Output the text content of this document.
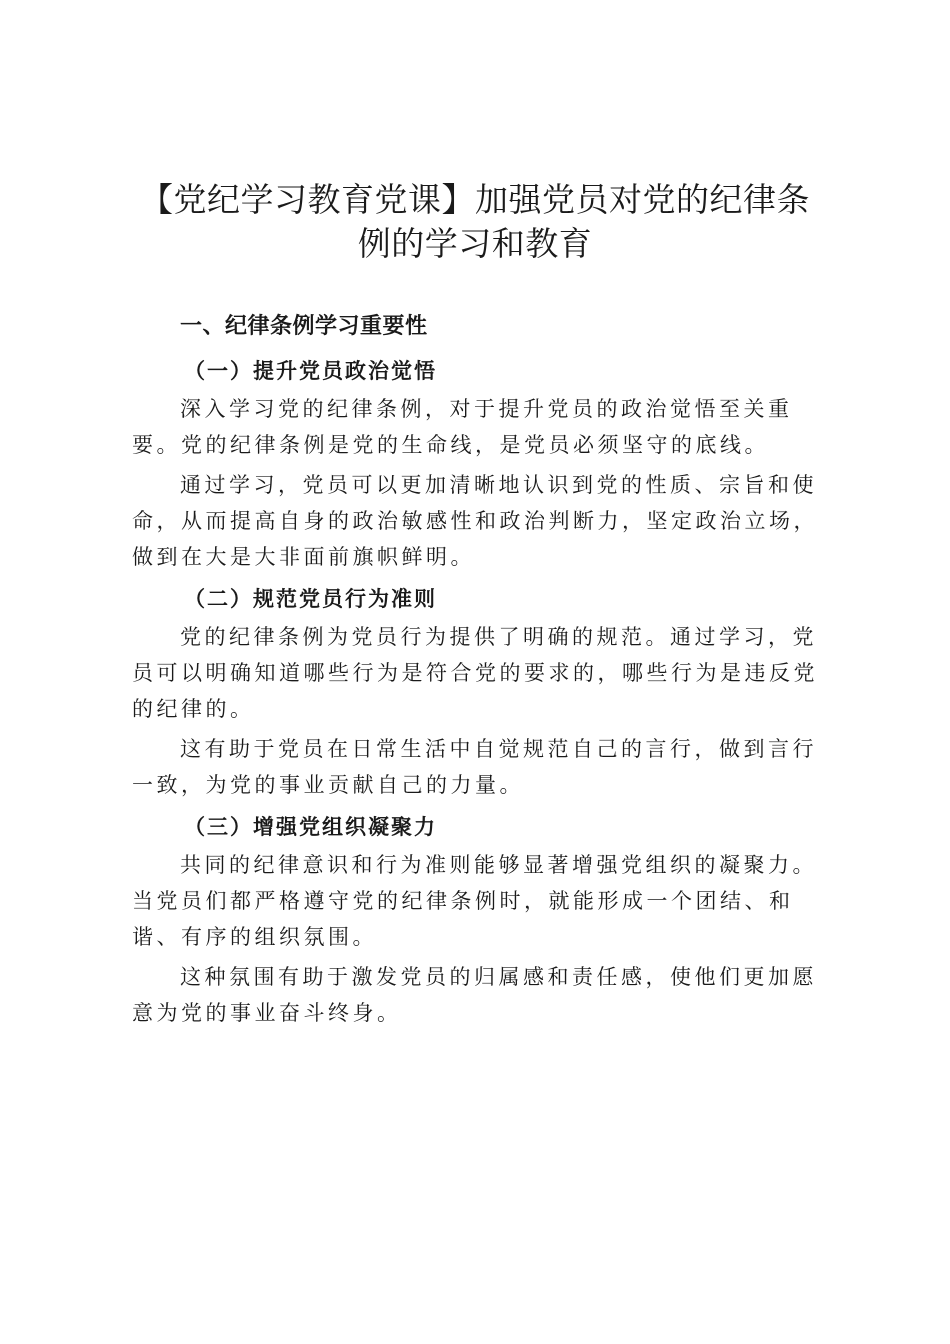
【党纪学习教育党课】加强党员对党的纪律条
例的学习和教育
一、纪律条例学习重要性
（一）提升党员政治觉悟

深入学习党的纪律条例，对于提升党员的政治觉悟至关重要。党的纪律条例是党的生命线，是党员必须坚守的底线。

通过学习，党员可以更加清晰地认识到党的性质、宗旨和使命，从而提高自身的政治敏感性和政治判断力，坚定政治立场，做到在大是大非面前旗帜鲜明。

（二）规范党员行为准则

党的纪律条例为党员行为提供了明确的规范。通过学习，党员可以明确知道哪些行为是符合党的要求的，哪些行为是违反党的纪律的。

这有助于党员在日常生活中自觉规范自己的言行，做到言行一致，为党的事业贡献自己的力量。

（三）增强党组织凝聚力

共同的纪律意识和行为准则能够显著增强党组织的凝聚力。当党员们都严格遵守党的纪律条例时，就能形成一个团结、和谐、有序的组织氛围。

这种氛围有助于激发党员的归属感和责任感，使他们更加愿意为党的事业奋斗终身。
